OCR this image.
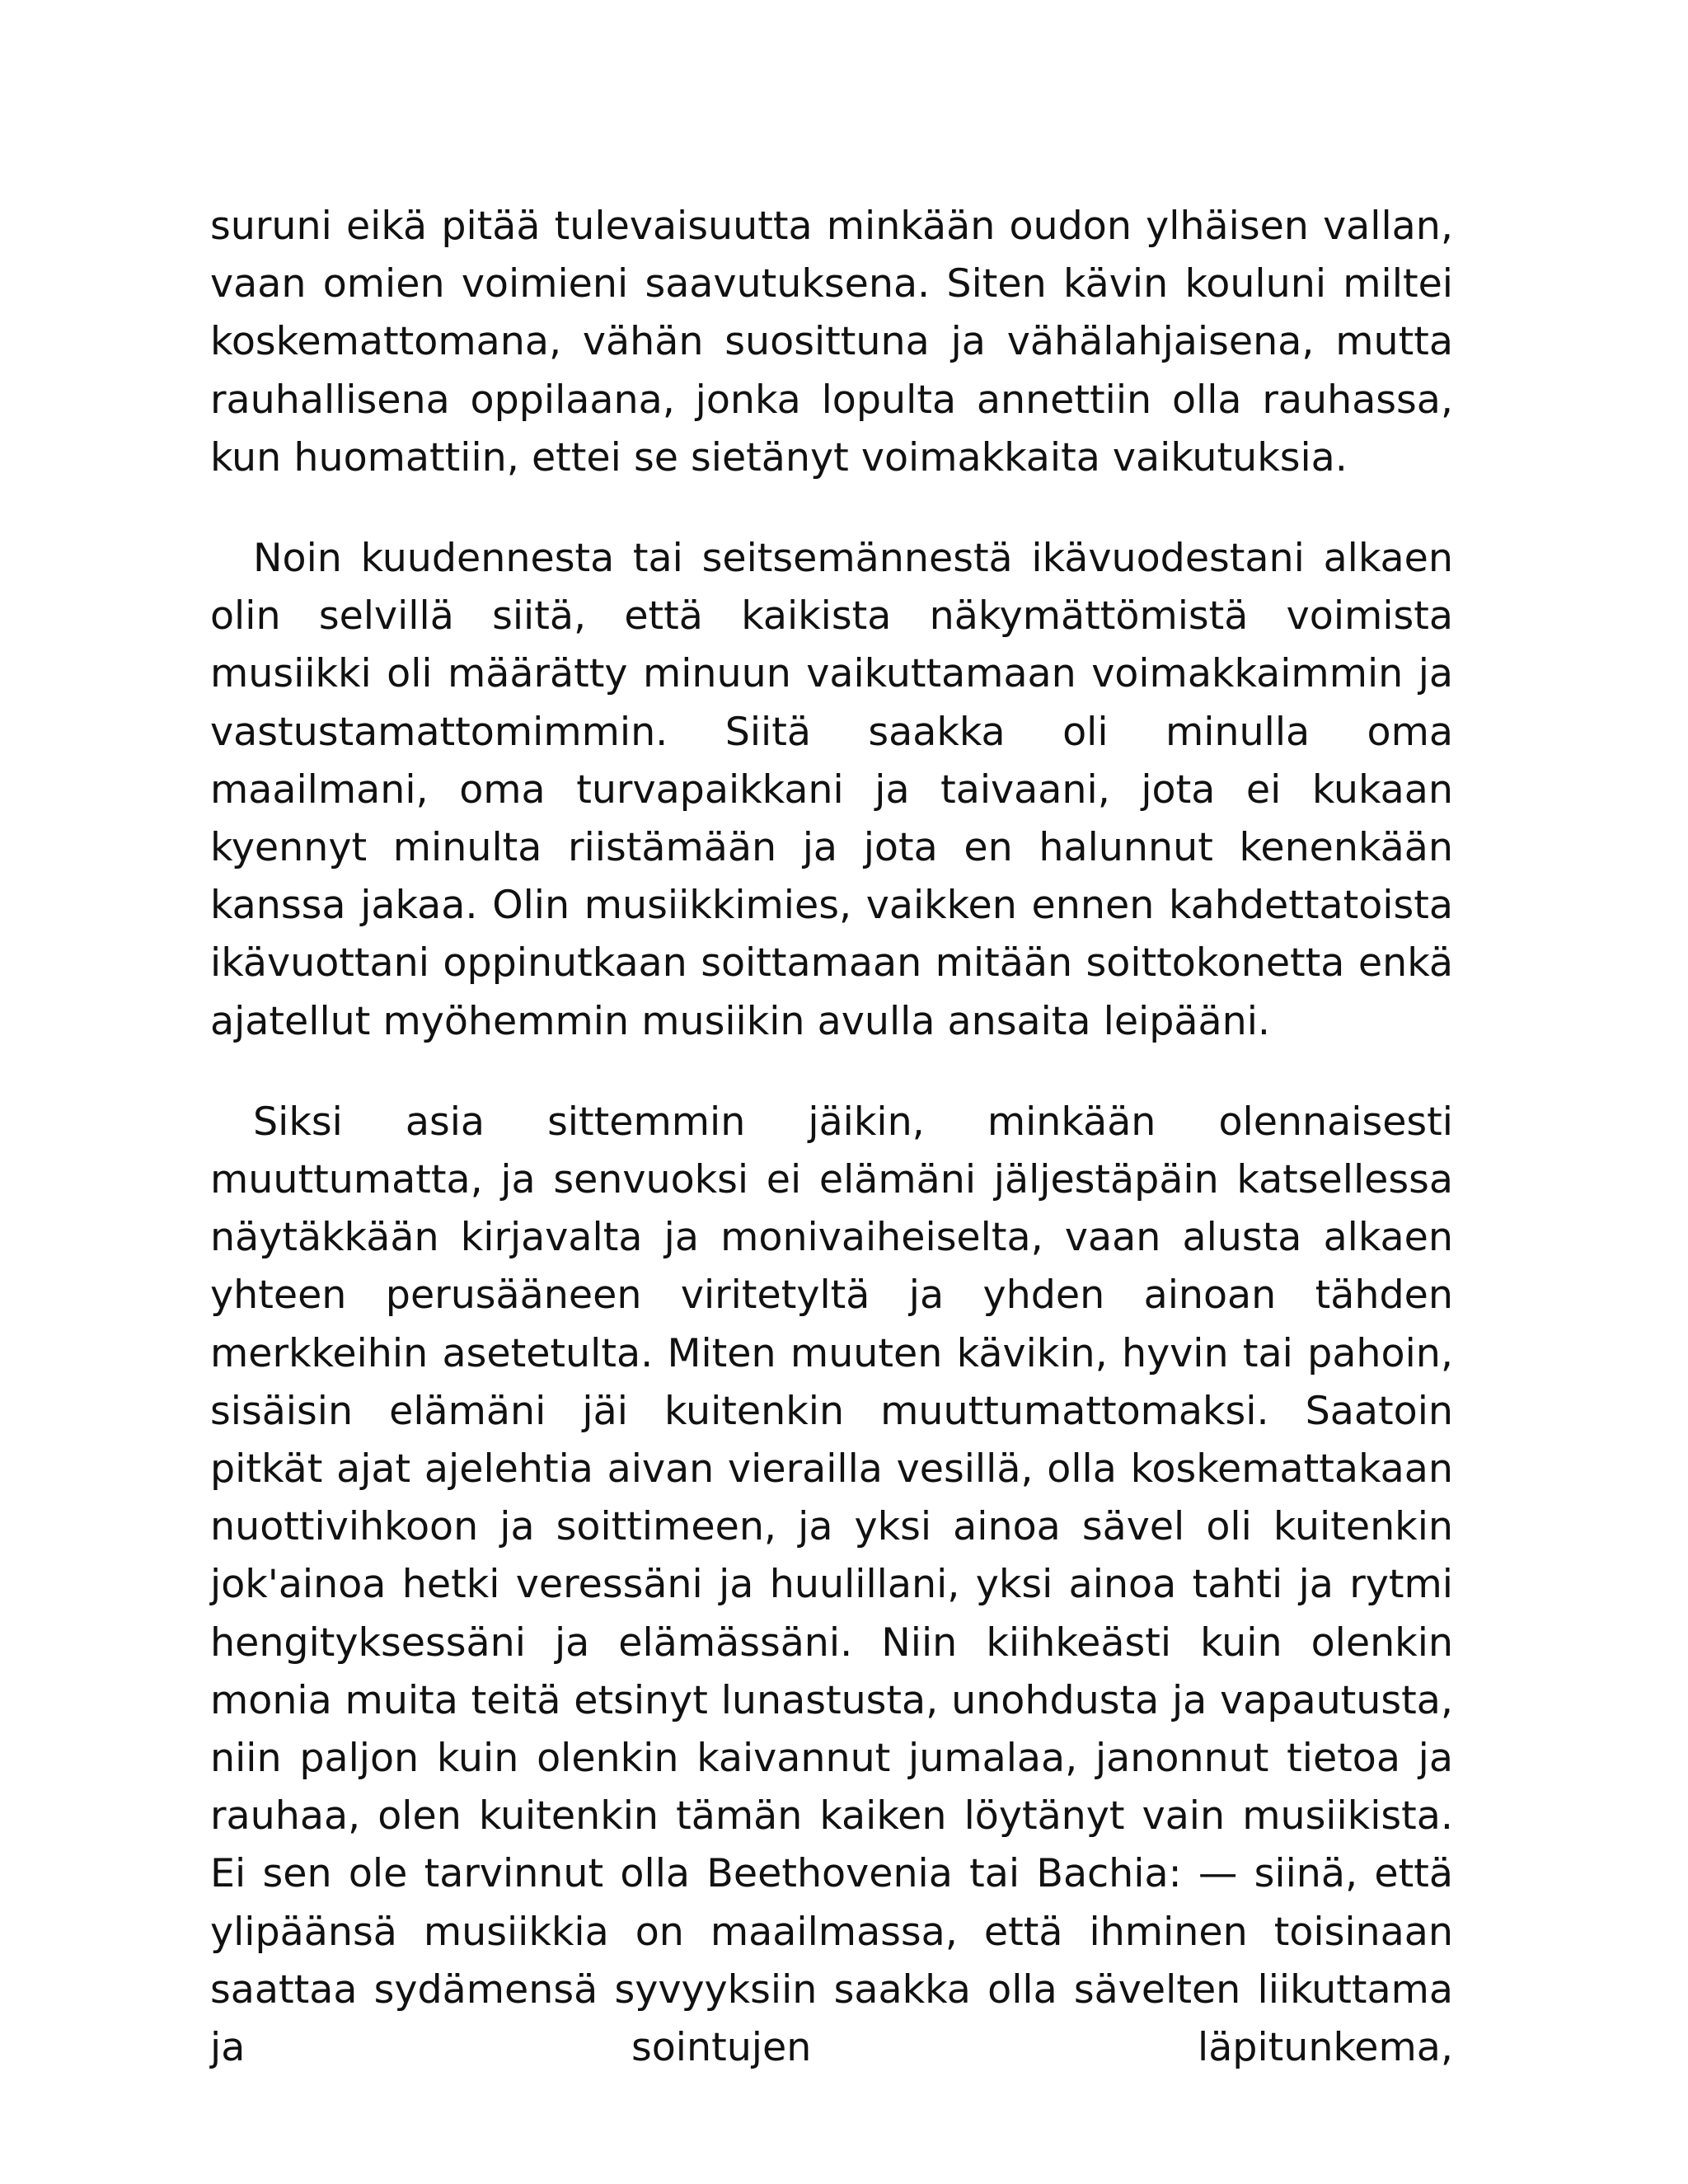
suruni eikä pitää tulevaisuutta minkään oudon ylhäisen vallan, vaan omien voimieni saavutuksena. Siten kävin kouluni miltei koskemattomana, vähän suosittuna ja vähälahjaisena, mutta rauhallisena oppilaana, jonka lopulta annettiin olla rauhassa, kun huomattiin, ettei se sietänyt voimakkaita vaikutuksia.

Noin kuudennesta tai seitsemännestä ikävuodestani alkaen olin selvillä siitä, että kaikista näkymättömistä voimista musiikki oli määrätty minuun vaikuttamaan voimakkaimmin ja vastustamattomimmin. Siitä saakka oli minulla oma maailmani, oma turvapaikkani ja taivaani, jota ei kukaan kyennyt minulta riistämään ja jota en halunnut kenenkään kanssa jakaa. Olin musiikkimies, vaikken ennen kahdettatoista ikävuottani oppinutkaan soittamaan mitään soittokonetta enkä ajatellut myöhemmin musiikin avulla ansaita leipääni.

Siksi asia sittemmin jäikin, minkään olennaisesti muuttumatta, ja senvuoksi ei elämäni jäljestäpäin katsellessa näytäkkään kirjavalta ja monivaiheiselta, vaan alusta alkaen yhteen perusääneen viritetyltä ja yhden ainoan tähden merkkeihin asetetulta. Miten muuten kävikin, hyvin tai pahoin, sisäisin elämäni jäi kuitenkin muuttumattomaksi. Saatoin pitkät ajat ajelehtia aivan vierailla vesillä, olla koskemattakaan nuottivihkoon ja soittimeen, ja yksi ainoa sävel oli kuitenkin jok'ainoa hetki veressäni ja huulillani, yksi ainoa tahti ja rytmi hengityksessäni ja elämässäni. Niin kiihkeästi kuin olenkin monia muita teitä etsinyt lunastusta, unohdusta ja vapautusta, niin paljon kuin olenkin kaivannut jumalaa, janonnut tietoa ja rauhaa, olen kuitenkin tämän kaiken löytänyt vain musiikista. Ei sen ole tarvinnut olla Beethovenia tai Bachia: — siinä, että ylipäänsä musiikkia on maailmassa, että ihminen toisinaan saattaa sydämensä syvyyksiin saakka olla sävelten liikuttama ja sointujen läpitunkema,
